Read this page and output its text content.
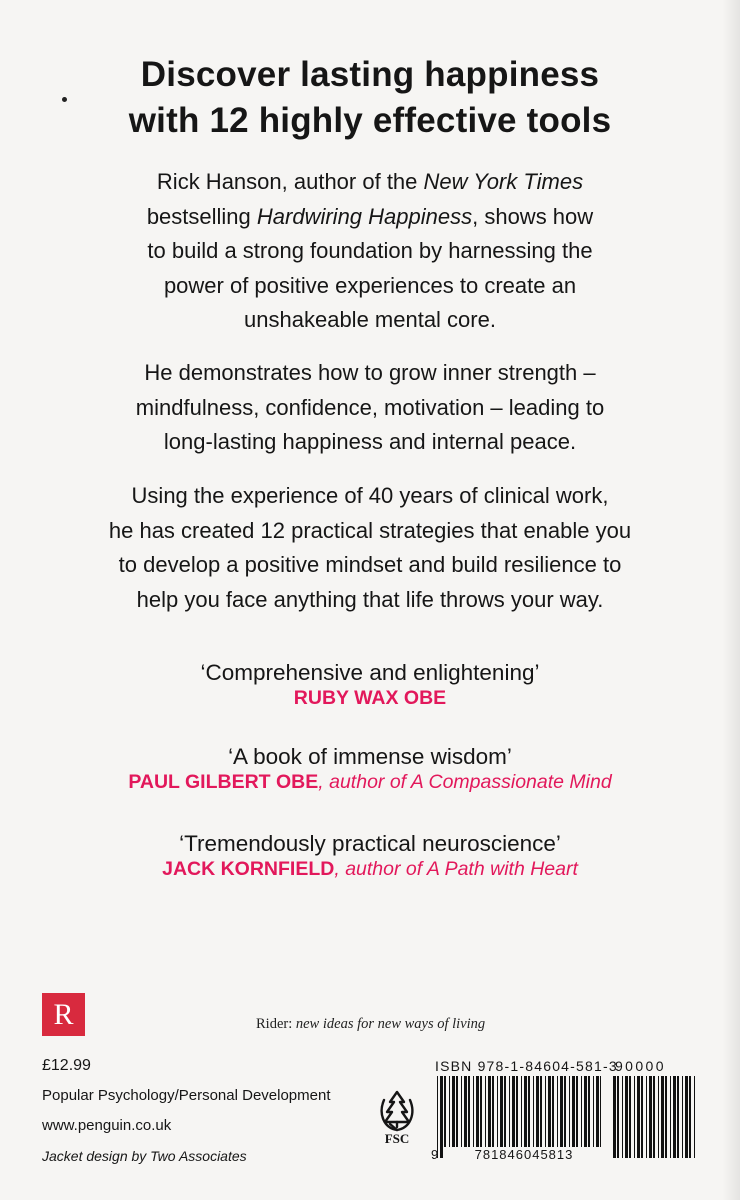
Discover lasting happiness
with 12 highly effective tools

Rick Hanson, author of the New York Times
bestselling Hardwiring Happiness, shows how
to build a strong foundation by harnessing the
power of positive experiences to create an
unshakeable mental core.

He demonstrates how to grow inner strength –
mindfulness, confidence, motivation – leading to
long-lasting happiness and internal peace.

Using the experience of 40 years of clinical work,
he has created 12 practical strategies that enable you
to develop a positive mindset and build resilience to
help you face anything that life throws your way.

‘Comprehensive and enlightening’

RUBY WAX OBE

‘A book of immense wisdom’

PAUL GILBERT OBE, author of A Compassionate Mind

‘Tremendously practical neuroscience’

JACK KORNFIELD, author of A Path with Heart

R	Rider: new ideas for new ways of living
£12.99
Popular Psychology/Personal Development
www.penguin.co.uk
Jacket design by Two Associates
FSC
ISBN 978-1-84604-581-3
90000
9	781846045813
